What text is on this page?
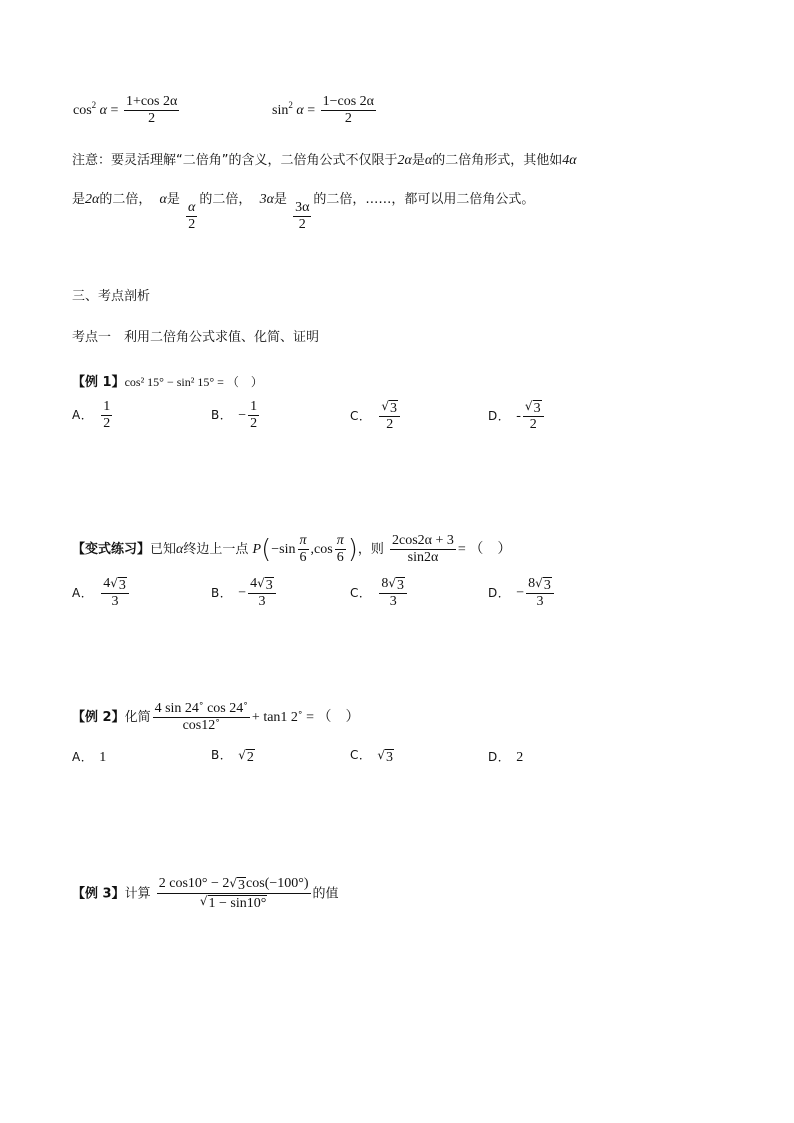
$\cos^2 \alpha = \frac{1+\cos 2\alpha}{2}$	$\sin^2 \alpha = \frac{1-\cos 2\alpha}{2}$
注意：要灵活理解“二倍角”的含义，二倍角公式不仅限于2α是α的二倍角形式，其他如4α
是2α的二倍， α是
$\frac{\alpha}{2}$
的二倍， 3α是
$\frac{3\alpha}{2}$
的二倍，……，都可以用二倍角公式。
三、考点剖析
考点一　利用二倍角公式求值、化简、证明
【例 1】cos² 15° − sin² 15° = （　）
A． $\frac{1}{2}$	B． − $\frac{1}{2}$	C． $\frac{√ 3}{2}$	D． - $\frac{√ 3}{2}$
【变式练习】已知α终边上一点 $P(-\sin \frac{\pi}{6} ,\cos \frac{\pi}{6}$ )，则 $\frac{2\cos 2\alpha + 3}{\sin 2\alpha}$ = （　）
A． $\frac{4 √ 3}{3}$	B． − $\frac{4 √ 3}{3}$	C． $\frac{8 √ 3}{3}$	D． − $\frac{8 √ 3}{3}$
【例 2】化简 $\frac{4 \sin 24˚ \cos 24˚}{\cos 12˚} + \tan 1$ 2˚ = （　）
A． 1	B． √ 2	C． √ 3	D． 2
【例 3】计算 $\frac{2 \cos 10^\circ - 2 √ 3 \cos(-100^\circ)}{√ 1 - \sin 10^\circ}$ 的值
